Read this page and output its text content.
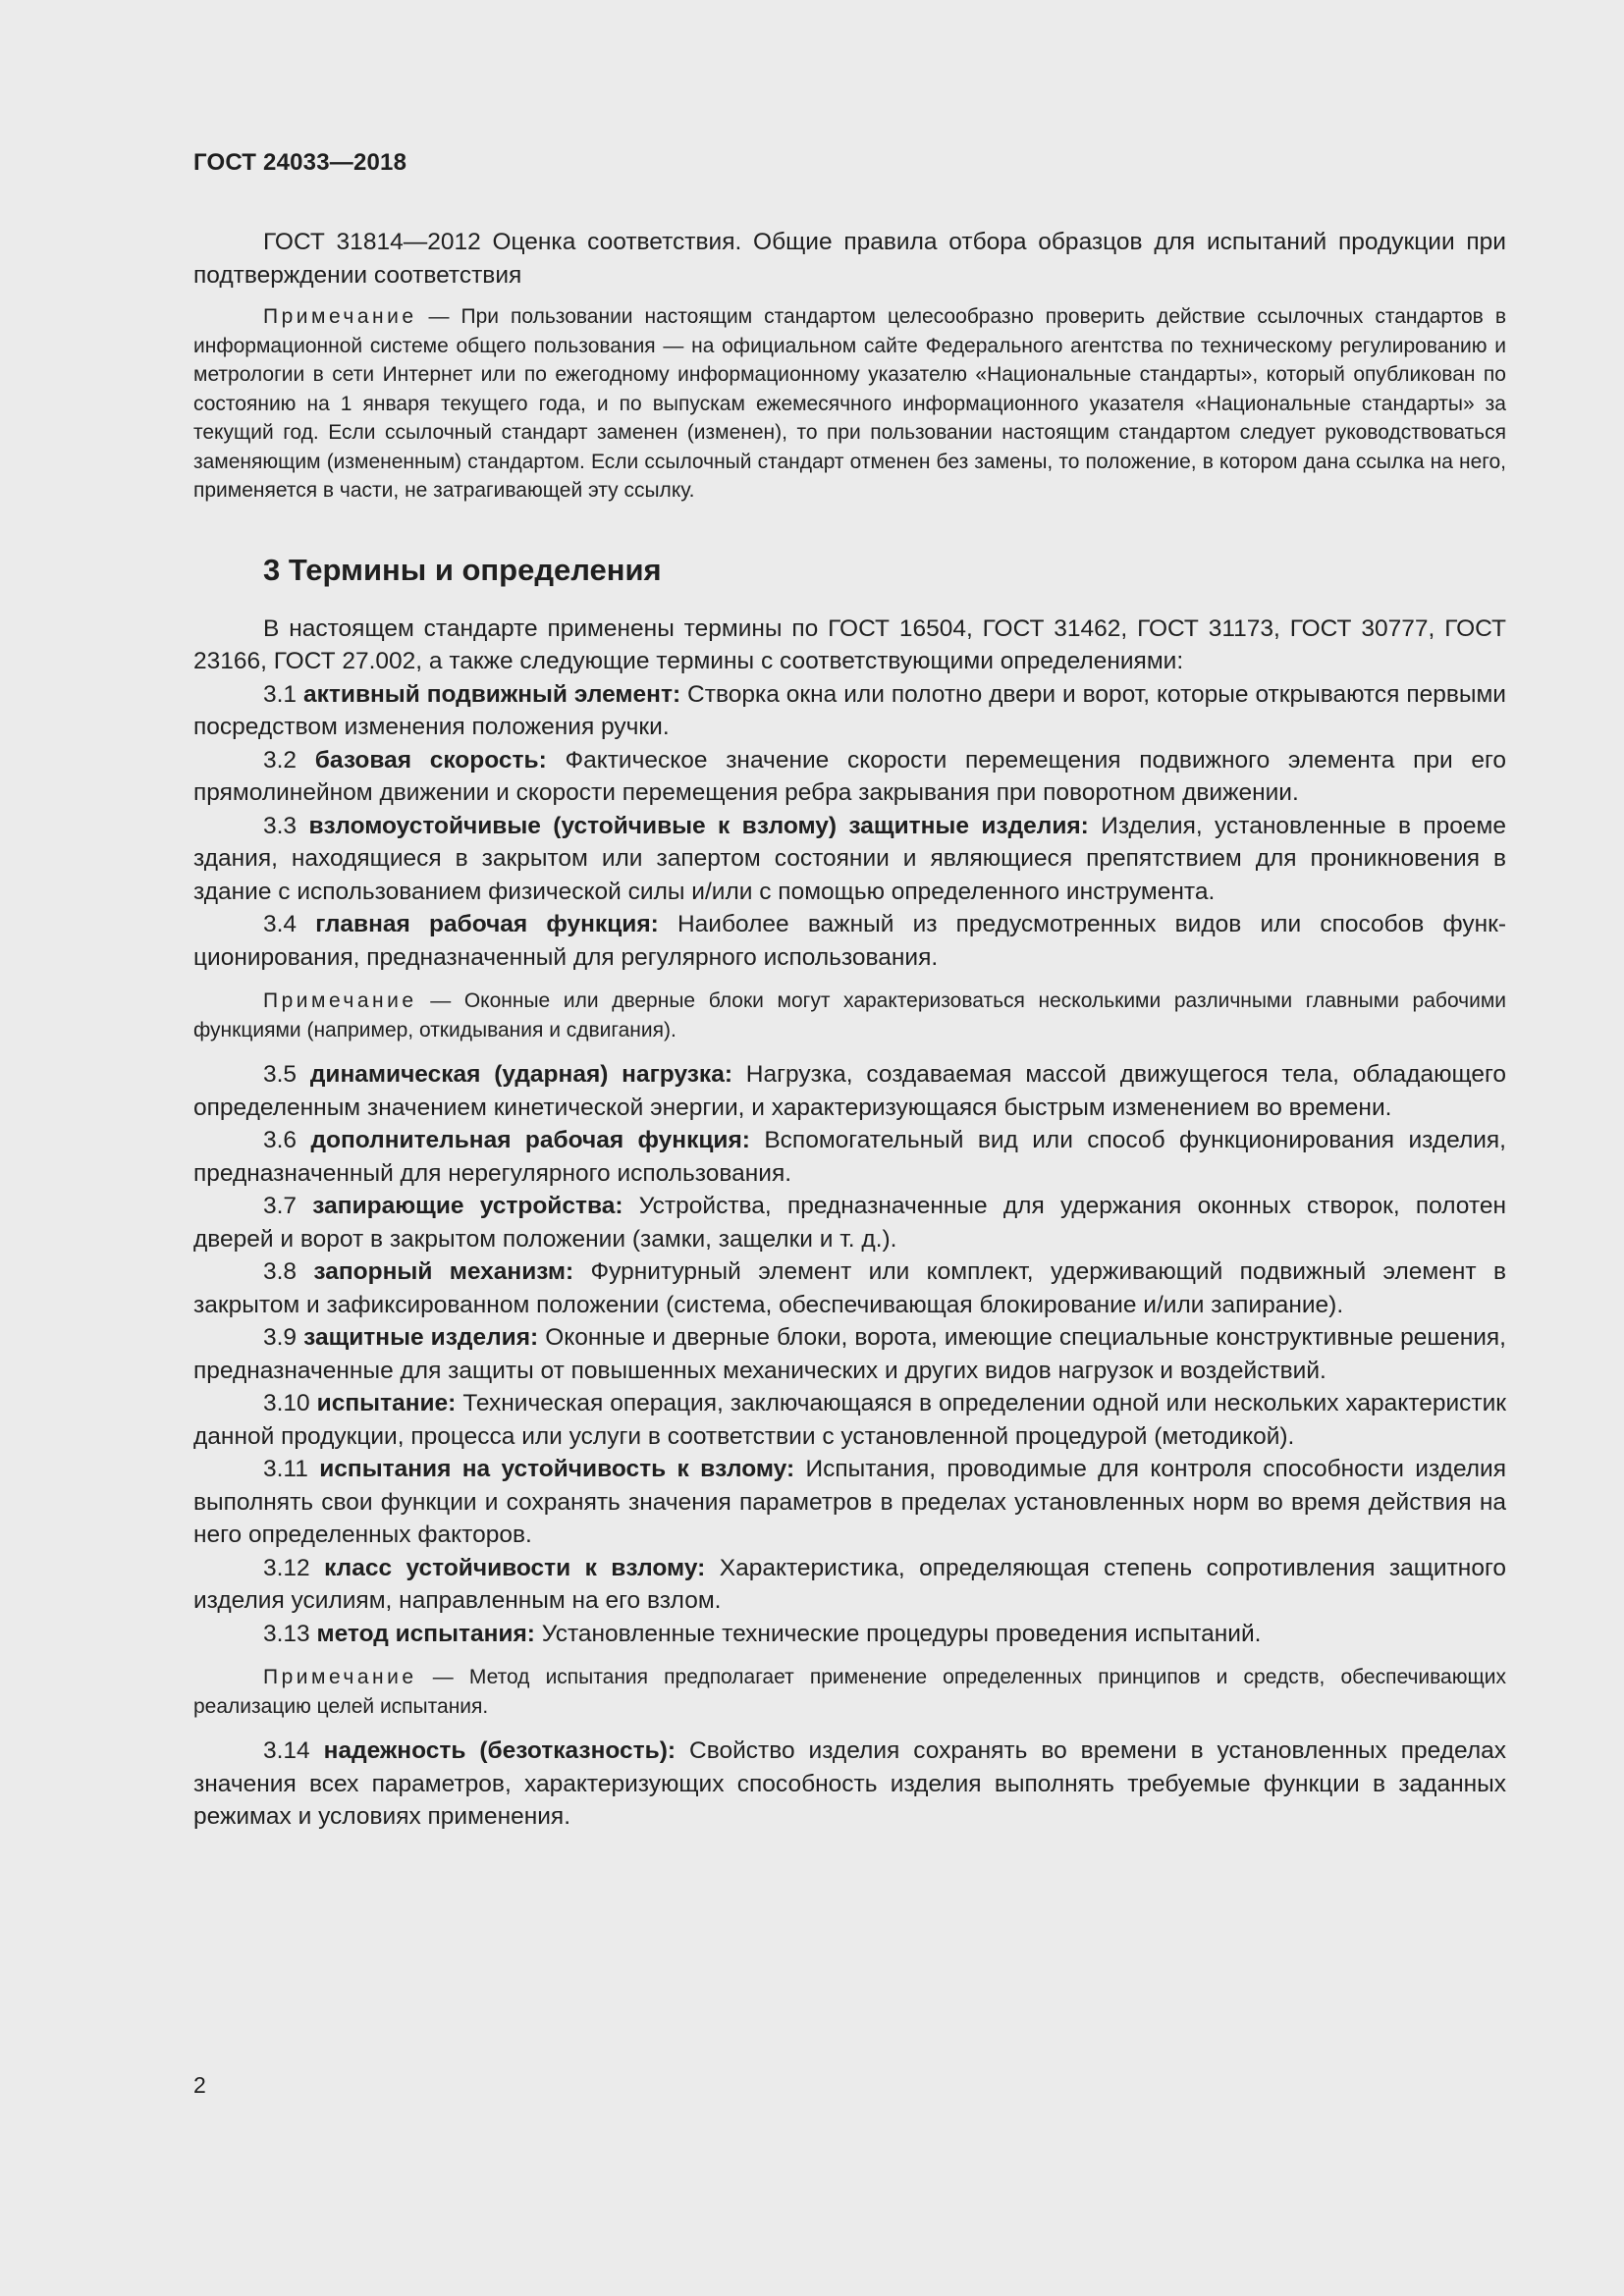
ГОСТ 24033—2018

ГОСТ 31814—2012 Оценка соответствия. Общие правила отбора образцов для испытаний продукции при подтверждении соответствия

Примечание — При пользовании настоящим стандартом целесообразно проверить действие ссылочных стандартов в информационной системе общего пользования — на официальном сайте Федерального агентства по техническому регулированию и метрологии в сети Интернет или по ежегодному информационному указателю «Национальные стандарты», который опубликован по состоянию на 1 января текущего года, и по выпускам ежемесячного информационного указателя «Национальные стандарты» за текущий год. Если ссылочный стандарт заменен (изменен), то при пользовании настоящим стандартом следует руководствоваться заменяющим (измененным) стандартом. Если ссылочный стандарт отменен без замены, то положение, в котором дана ссылка на него, применяется в части, не затрагивающей эту ссылку.

3 Термины и определения

В настоящем стандарте применены термины по ГОСТ 16504, ГОСТ 31462, ГОСТ 31173, ГОСТ 30777, ГОСТ 23166, ГОСТ 27.002, а также следующие термины с соответствующими определениями:

3.1 активный подвижный элемент: Створка окна или полотно двери и ворот, которые открываются первыми посредством изменения положения ручки.

3.2 базовая скорость: Фактическое значение скорости перемещения подвижного элемента при его прямолинейном движении и скорости перемещения ребра закрывания при поворотном движении.

3.3 взломоустойчивые (устойчивые к взлому) защитные изделия: Изделия, установленные в проеме здания, находящиеся в закрытом или запертом состоянии и являющиеся препятствием для проникновения в здание с использованием физической силы и/или с помощью определенного инструмента.

3.4 главная рабочая функция: Наиболее важный из предусмотренных видов или способов функционирования, предназначенный для регулярного использования.

Примечание — Оконные или дверные блоки могут характеризоваться несколькими различными главными рабочими функциями (например, откидывания и сдвигания).

3.5 динамическая (ударная) нагрузка: Нагрузка, создаваемая массой движущегося тела, обладающего определенным значением кинетической энергии, и характеризующаяся быстрым изменением во времени.

3.6 дополнительная рабочая функция: Вспомогательный вид или способ функционирования изделия, предназначенный для нерегулярного использования.

3.7 запирающие устройства: Устройства, предназначенные для удержания оконных створок, полотен дверей и ворот в закрытом положении (замки, защелки и т. д.).

3.8 запорный механизм: Фурнитурный элемент или комплект, удерживающий подвижный элемент в закрытом и зафиксированном положении (система, обеспечивающая блокирование и/или запирание).

3.9 защитные изделия: Оконные и дверные блоки, ворота, имеющие специальные конструктивные решения, предназначенные для защиты от повышенных механических и других видов нагрузок и воздействий.

3.10 испытание: Техническая операция, заключающаяся в определении одной или нескольких характеристик данной продукции, процесса или услуги в соответствии с установленной процедурой (методикой).

3.11 испытания на устойчивость к взлому: Испытания, проводимые для контроля способности изделия выполнять свои функции и сохранять значения параметров в пределах установленных норм во время действия на него определенных факторов.

3.12 класс устойчивости к взлому: Характеристика, определяющая степень сопротивления защитного изделия усилиям, направленным на его взлом.

3.13 метод испытания: Установленные технические процедуры проведения испытаний.

Примечание — Метод испытания предполагает применение определенных принципов и средств, обеспечивающих реализацию целей испытания.

3.14 надежность (безотказность): Свойство изделия сохранять во времени в установленных пределах значения всех параметров, характеризующих способность изделия выполнять требуемые функции в заданных режимах и условиях применения.

2
